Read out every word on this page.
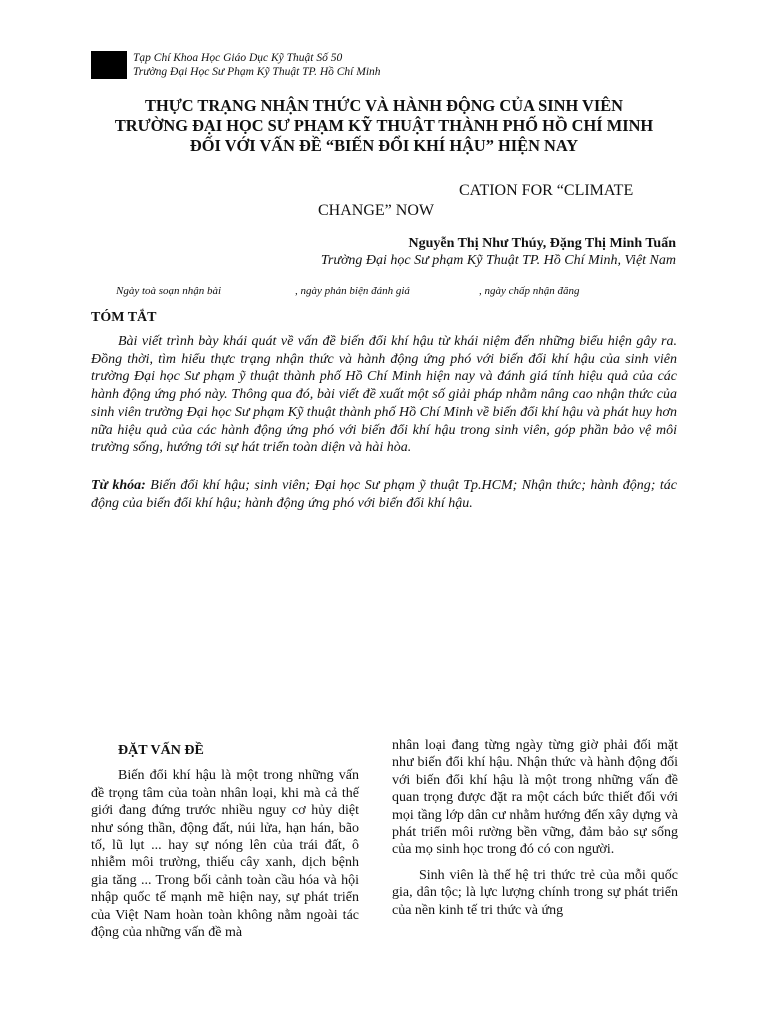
Tạp Chí Khoa Học Giáo Dục Kỹ Thuật Số 50
Trường Đại Học Sư Phạm Kỹ Thuật TP. Hồ Chí Minh
THỰC TRẠNG NHẬN THỨC VÀ HÀNH ĐỘNG CỦA SINH VIÊN
TRƯỜNG ĐẠI HỌC SƯ PHẠM KỸ THUẬT THÀNH PHỐ HỒ CHÍ MINH
ĐỐI VỚI VẤN ĐỀ “BIẾN ĐỔI KHÍ HẬU” HIỆN NAY
CATION FOR “CLIMATE
CHANGE” NOW
Nguyễn Thị Như Thúy, Đặng Thị Minh Tuấn
Trường Đại học Sư phạm Kỹ Thuật TP. Hồ Chí Minh, Việt Nam
Ngày toà soạn nhận bài	, ngày phản biện đánh giá	, ngày chấp nhận đăng
TÓM TẮT

Bài viết trình bày khái quát về vấn đề biến đổi khí hậu từ khái niệm đến những biểu hiện gây ra. Đồng thời, tìm hiểu thực trạng nhận thức và hành động ứng phó với biến đổi khí hậu của sinh viên trường Đại học Sư phạm ỹ thuật thành phố Hồ Chí Minh hiện nay và đánh giá tính hiệu quả của các hành động ứng phó này. Thông qua đó, bài viết đề xuất một số giải pháp nhằm nâng cao nhận thức của sinh viên trường Đại học Sư phạm Kỹ thuật thành phố Hồ Chí Minh về biến đổi khí hậu và phát huy hơn nữa hiệu quả của các hành động ứng phó với biến đổi khí hậu trong sinh viên, góp phần bảo vệ môi trường sống, hướng tới sự hát triển toàn diện và hài hòa.

Từ khóa: Biến đổi khí hậu; sinh viên; Đại học Sư phạm ỹ thuật Tp.HCM; Nhận thức; hành động; tác động của biến đổi khí hậu; hành động ứng phó với biến đổi khí hậu.

ĐẶT VẤN ĐỀ

Biến đổi khí hậu là một trong những vấn đề trọng tâm của toàn nhân loại, khi mà cả thế giới đang đứng trước nhiều nguy cơ hủy diệt như sóng thần, động đất, núi lửa, hạn hán, bão tố, lũ lụt ... hay sự nóng lên của trái đất, ô nhiễm môi trường, thiếu cây xanh, dịch bệnh gia tăng ... Trong bối cảnh toàn cầu hóa và hội nhập quốc tế mạnh mẽ hiện nay, sự phát triển của Việt Nam hoàn toàn không nằm ngoài tác động của những vấn đề mà

nhân loại đang từng ngày từng giờ phải đối mặt như biến đổi khí hậu. Nhận thức và hành động đối với biến đổi khí hậu là một trong những vấn đề quan trọng được đặt ra một cách bức thiết đối với mọi tầng lớp dân cư nhằm hướng đến xây dựng và phát triển môi rường bền vững, đảm bảo sự sống của mọ sinh học trong đó có con người.

Sinh viên là thế hệ tri thức trẻ của mỗi quốc gia, dân tộc; là lực lượng chính trong sự phát triển của nền kinh tế tri thức và ứng
